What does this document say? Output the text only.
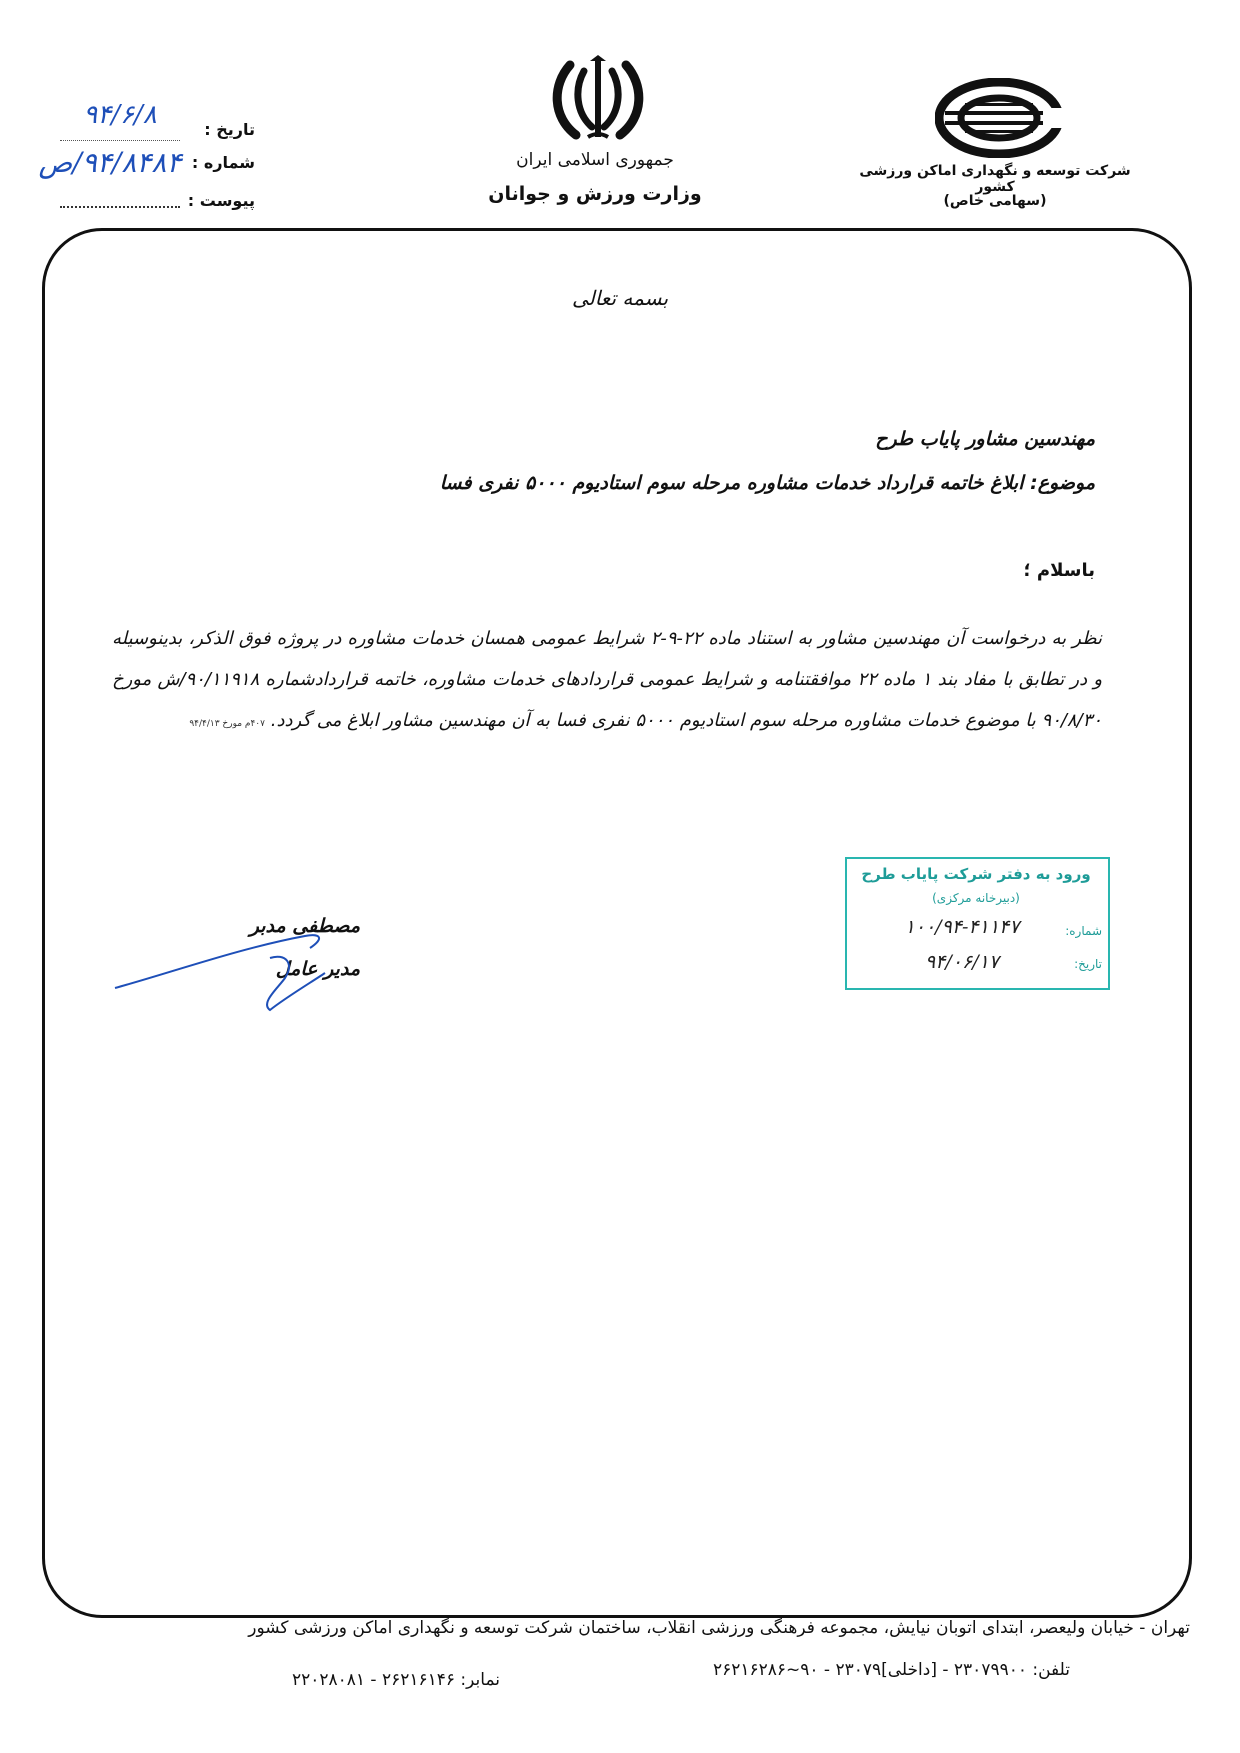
جمهوری اسلامی ایران
وزارت ورزش و جوانان
شرکت توسعه و نگهداری اماکن ورزشی کشور
(سهامی خاص)
تاریخ :
شماره :
پیوست :
۹۴/۶/۸
۹۴/۸۴۸۴/ص
بسمه تعالی
مهندسین مشاور پایاب طرح
موضوع: ابلاغ خاتمه قرارداد خدمات مشاوره مرحله سوم استادیوم ۵۰۰۰ نفری فسا
باسلام ؛
نظر به درخواست آن مهندسین مشاور به استناد ماده ۲۲-۹-۲ شرایط عمومی همسان خدمات مشاوره در پروژه فوق الذکر، بدینوسیله و در تطابق با مفاد بند ۱ ماده ۲۲ موافقتنامه و شرایط عمومی قراردادهای خدمات مشاوره، خاتمه قراردادشماره ۹۰/۱۱۹۱۸/ش مورخ ۹۰/۸/۳۰ با موضوع خدمات مشاوره مرحله سوم استادیوم ۵۰۰۰ نفری فسا به آن مهندسین مشاور ابلاغ می گردد. ۴۰۷م مورخ ۹۴/۴/۱۳
ورود به دفتر شرکت پایاب طرح
(دبیرخانه مرکزی)
شماره:
تاریخ:
۱۰۰/۹۴-۴۱۱۴۷
۹۴/۰۶/۱۷
مصطفی مدبر
مدیر عامل
تهران - خیابان ولیعصر، ابتدای اتوبان نیایش، مجموعه فرهنگی ورزشی انقلاب، ساختمان شرکت توسعه و نگهداری اماکن ورزشی کشور
تلفن: ۲۳۰۷۹۹۰۰ - [داخلی]۲۳۰۷۹ - ۹۰~۲۶۲۱۶۲۸۶
نمابر: ۲۶۲۱۶۱۴۶ - ۲۲۰۲۸۰۸۱
